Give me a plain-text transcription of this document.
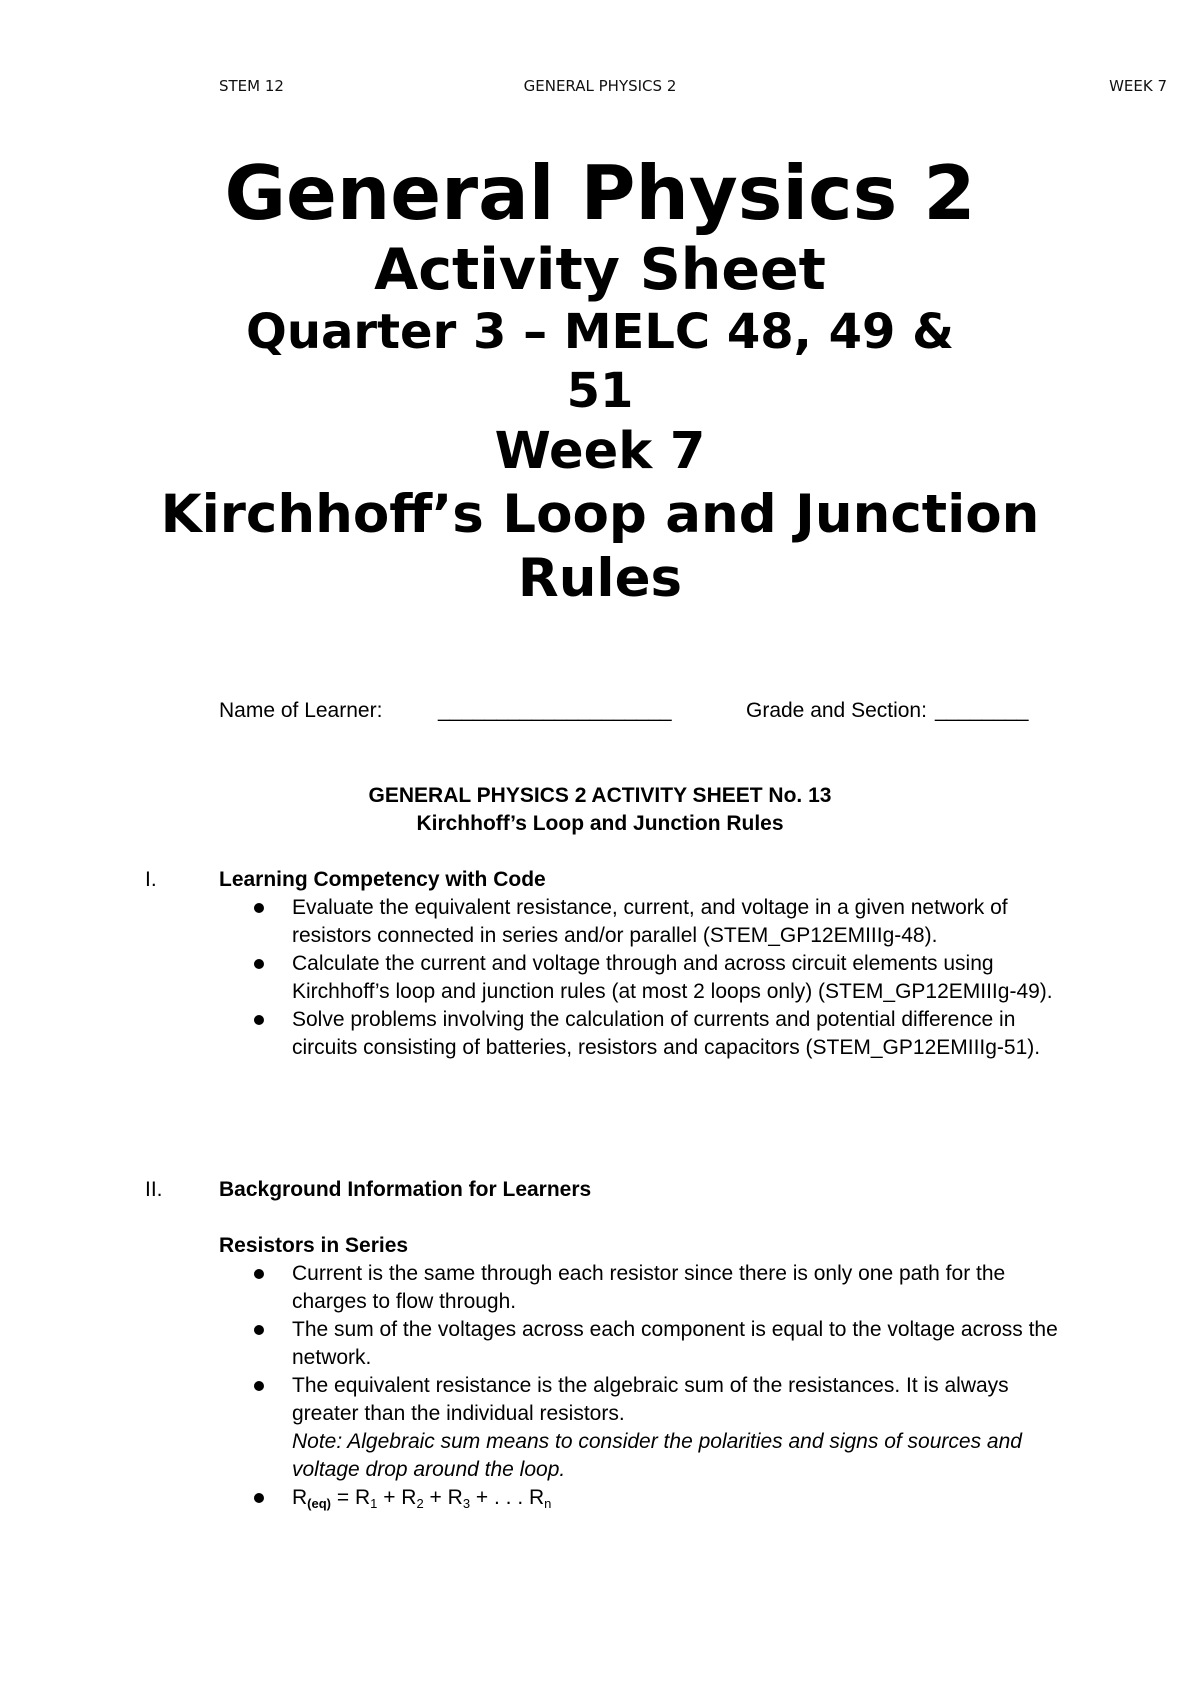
STEM 12	GENERAL PHYSICS 2	WEEK 7
General Physics 2
Activity Sheet
Quarter 3 – MELC 48, 49 & 51
Week 7
Kirchhoff’s Loop and Junction Rules
Name of Learner:	____________________	Grade and Section: ________
GENERAL PHYSICS 2 ACTIVITY SHEET No. 13
Kirchhoff’s Loop and Junction Rules
I.	Learning Competency with Code
Evaluate the equivalent resistance, current, and voltage in a given network of resistors connected in series and/or parallel (STEM_GP12EMIIIg-48).
Calculate the current and voltage through and across circuit elements using Kirchhoff’s loop and junction rules (at most 2 loops only) (STEM_GP12EMIIIg-49).
Solve problems involving the calculation of currents and potential difference in circuits consisting of batteries, resistors and capacitors (STEM_GP12EMIIIg-51).
II.	Background Information for Learners
Resistors in Series
Current is the same through each resistor since there is only one path for the charges to flow through.
The sum of the voltages across each component is equal to the voltage across the network.
The equivalent resistance is the algebraic sum of the resistances. It is always greater than the individual resistors.
Note: Algebraic sum means to consider the polarities and signs of sources and voltage drop around the loop.
$R(eq) = R_1 + R_2 + R_3$ + . . . $R_n$
